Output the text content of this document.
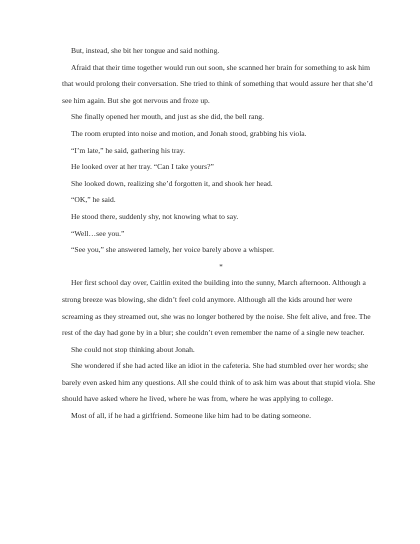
But, instead, she bit her tongue and said nothing.

Afraid that their time together would run out soon, she scanned her brain for something to ask him that would prolong their conversation. She tried to think of something that would assure her that she’d see him again. But she got nervous and froze up.

She finally opened her mouth, and just as she did, the bell rang.

The room erupted into noise and motion, and Jonah stood, grabbing his viola.

“I’m late,” he said, gathering his tray.

He looked over at her tray. “Can I take yours?”

She looked down, realizing she’d forgotten it, and shook her head.

“OK,” he said.

He stood there, suddenly shy, not knowing what to say.

“Well…see you.”

“See you,” she answered lamely, her voice barely above a whisper.

*

Her first school day over, Caitlin exited the building into the sunny, March afternoon. Although a strong breeze was blowing, she didn’t feel cold anymore. Although all the kids around her were screaming as they streamed out, she was no longer bothered by the noise. She felt alive, and free. The rest of the day had gone by in a blur; she couldn’t even remember the name of a single new teacher.

She could not stop thinking about Jonah.

She wondered if she had acted like an idiot in the cafeteria. She had stumbled over her words; she barely even asked him any questions. All she could think of to ask him was about that stupid viola. She should have asked where he lived, where he was from, where he was applying to college.

Most of all, if he had a girlfriend. Someone like him had to be dating someone.
